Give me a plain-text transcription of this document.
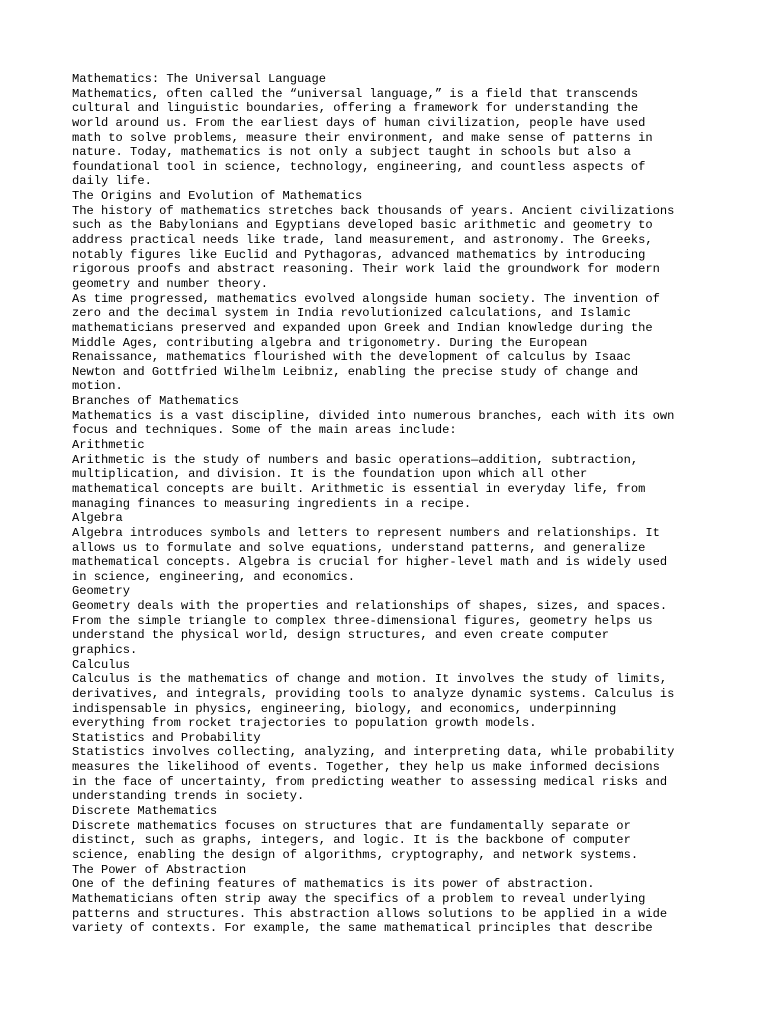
Mathematics: The Universal Language
Mathematics, often called the “universal language,” is a field that transcends
cultural and linguistic boundaries, offering a framework for understanding the
world around us. From the earliest days of human civilization, people have used
math to solve problems, measure their environment, and make sense of patterns in
nature. Today, mathematics is not only a subject taught in schools but also a
foundational tool in science, technology, engineering, and countless aspects of
daily life.
The Origins and Evolution of Mathematics
The history of mathematics stretches back thousands of years. Ancient civilizations
such as the Babylonians and Egyptians developed basic arithmetic and geometry to
address practical needs like trade, land measurement, and astronomy. The Greeks,
notably figures like Euclid and Pythagoras, advanced mathematics by introducing
rigorous proofs and abstract reasoning. Their work laid the groundwork for modern
geometry and number theory.
As time progressed, mathematics evolved alongside human society. The invention of
zero and the decimal system in India revolutionized calculations, and Islamic
mathematicians preserved and expanded upon Greek and Indian knowledge during the
Middle Ages, contributing algebra and trigonometry. During the European
Renaissance, mathematics flourished with the development of calculus by Isaac
Newton and Gottfried Wilhelm Leibniz, enabling the precise study of change and
motion.
Branches of Mathematics
Mathematics is a vast discipline, divided into numerous branches, each with its own
focus and techniques. Some of the main areas include:
Arithmetic
Arithmetic is the study of numbers and basic operations—addition, subtraction,
multiplication, and division. It is the foundation upon which all other
mathematical concepts are built. Arithmetic is essential in everyday life, from
managing finances to measuring ingredients in a recipe.
Algebra
Algebra introduces symbols and letters to represent numbers and relationships. It
allows us to formulate and solve equations, understand patterns, and generalize
mathematical concepts. Algebra is crucial for higher-level math and is widely used
in science, engineering, and economics.
Geometry
Geometry deals with the properties and relationships of shapes, sizes, and spaces.
From the simple triangle to complex three-dimensional figures, geometry helps us
understand the physical world, design structures, and even create computer
graphics.
Calculus
Calculus is the mathematics of change and motion. It involves the study of limits,
derivatives, and integrals, providing tools to analyze dynamic systems. Calculus is
indispensable in physics, engineering, biology, and economics, underpinning
everything from rocket trajectories to population growth models.
Statistics and Probability
Statistics involves collecting, analyzing, and interpreting data, while probability
measures the likelihood of events. Together, they help us make informed decisions
in the face of uncertainty, from predicting weather to assessing medical risks and
understanding trends in society.
Discrete Mathematics
Discrete mathematics focuses on structures that are fundamentally separate or
distinct, such as graphs, integers, and logic. It is the backbone of computer
science, enabling the design of algorithms, cryptography, and network systems.
The Power of Abstraction
One of the defining features of mathematics is its power of abstraction.
Mathematicians often strip away the specifics of a problem to reveal underlying
patterns and structures. This abstraction allows solutions to be applied in a wide
variety of contexts. For example, the same mathematical principles that describe
